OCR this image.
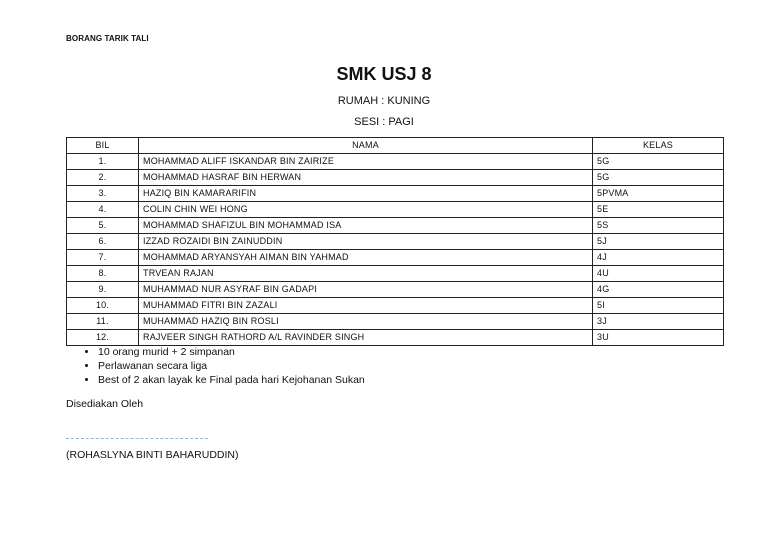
BORANG TARIK TALI
SMK USJ 8
RUMAH : KUNING
SESI : PAGI
BIL	NAMA	KELAS
1.	MOHAMMAD ALIFF ISKANDAR BIN ZAIRIZE	5G
2.	MOHAMMAD HASRAF BIN HERWAN	5G
3.	HAZIQ BIN KAMARARIFIN	5PVMA
4.	COLIN CHIN WEI HONG	5E
5.	MOHAMMAD SHAFIZUL BIN MOHAMMAD ISA	5S
6.	IZZAD ROZAIDI BIN ZAINUDDIN	5J
7.	MOHAMMAD ARYANSYAH AIMAN BIN YAHMAD	4J
8.	TRVEAN RAJAN	4U
9.	MUHAMMAD NUR ASYRAF BIN GADAPI	4G
10.	MUHAMMAD FITRI BIN ZAZALI	5I
11.	MUHAMMAD HAZIQ BIN ROSLI	3J
12.	RAJVEER SINGH RATHORD A/L RAVINDER SINGH	3U
• 10 orang murid + 2 simpanan
• Perlawanan secara liga
• Best of 2 akan layak ke Final pada hari Kejohanan Sukan
Disediakan Oleh
(ROHASLYNA BINTI BAHARUDDIN)
